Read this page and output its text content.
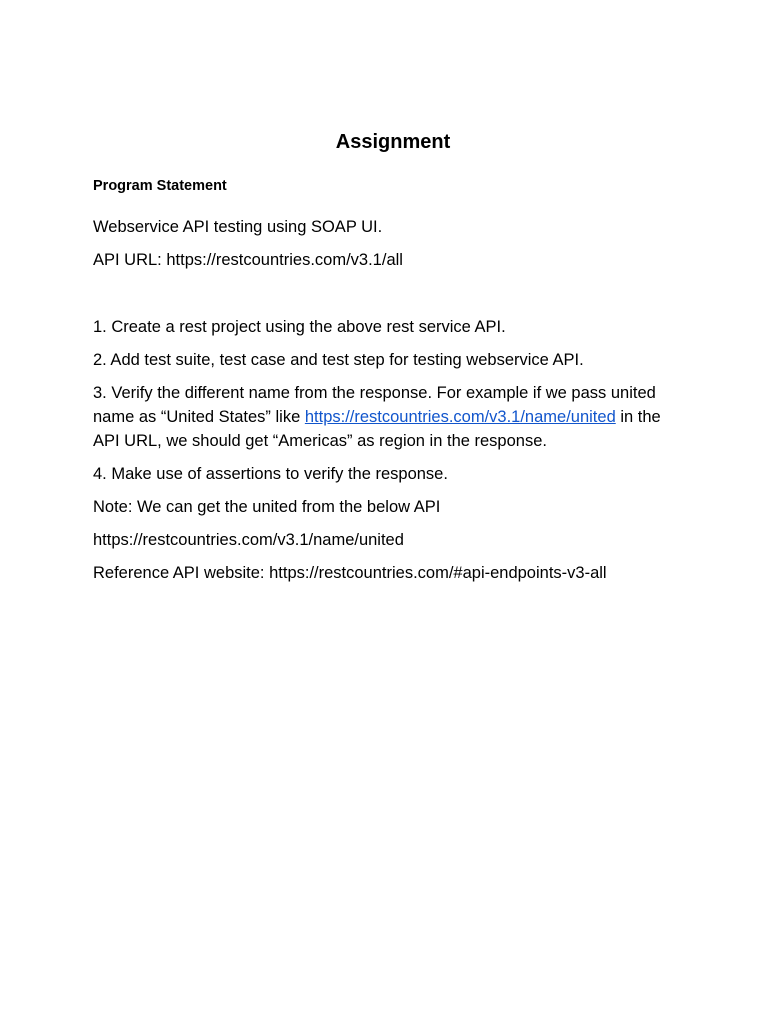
Assignment
Program Statement

Webservice API testing using SOAP UI.

API URL: https://restcountries.com/v3.1/all

1. Create a rest project using the above rest service API.

2. Add test suite, test case and test step for testing webservice API.

3. Verify the different name from the response. For example if we pass united name as “United States” like https://restcountries.com/v3.1/name/united in the API URL, we should get “Americas” as region in the response.

4. Make use of assertions to verify the response.

Note: We can get the united from the below API

https://restcountries.com/v3.1/name/united

Reference API website: https://restcountries.com/#api-endpoints-v3-all
